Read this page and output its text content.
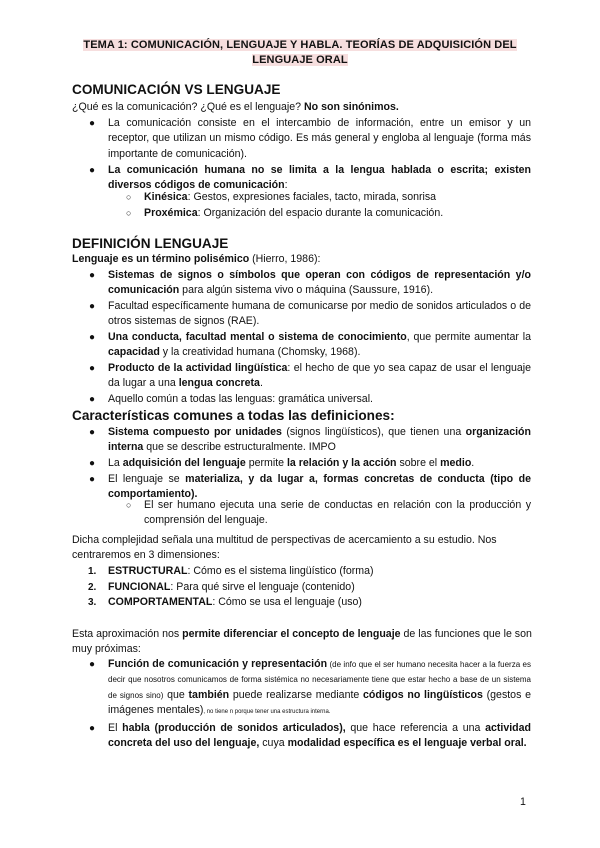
TEMA 1: COMUNICACIÓN, LENGUAJE Y HABLA. TEORÍAS DE ADQUISICIÓN DEL LENGUAJE ORAL
COMUNICACIÓN VS LENGUAJE
¿Qué es la comunicación? ¿Qué es el lenguaje? No son sinónimos.
● La comunicación consiste en el intercambio de información, entre un emisor y un receptor, que utilizan un mismo código. Es más general y engloba al lenguaje (forma más importante de comunicación).
● La comunicación humana no se limita a la lengua hablada o escrita; existen diversos códigos de comunicación:
○ Kinésica: Gestos, expresiones faciales, tacto, mirada, sonrisa
○ Proxémica: Organización del espacio durante la comunicación.
DEFINICIÓN LENGUAJE
Lenguaje es un término polisémico (Hierro, 1986):
● Sistemas de signos o símbolos que operan con códigos de representación y/o comunicación para algún sistema vivo o máquina (Saussure, 1916).
● Facultad específicamente humana de comunicarse por medio de sonidos articulados o de otros sistemas de signos (RAE).
● Una conducta, facultad mental o sistema de conocimiento, que permite aumentar la capacidad y la creatividad humana (Chomsky, 1968).
● Producto de la actividad lingüística: el hecho de que yo sea capaz de usar el lenguaje da lugar a una lengua concreta.
● Aquello común a todas las lenguas: gramática universal.
Características comunes a todas las definiciones:
● Sistema compuesto por unidades (signos lingüísticos), que tienen una organización interna que se describe estructuralmente. IMPO
● La adquisición del lenguaje permite la relación y la acción sobre el medio.
● El lenguaje se materializa, y da lugar a, formas concretas de conducta (tipo de comportamiento).
○ El ser humano ejecuta una serie de conductas en relación con la producción y comprensión del lenguaje.
Dicha complejidad señala una multitud de perspectivas de acercamiento a su estudio. Nos centraremos en 3 dimensiones:
1. ESTRUCTURAL: Cómo es el sistema lingüístico (forma)
2. FUNCIONAL: Para qué sirve el lenguaje (contenido)
3. COMPORTAMENTAL: Cómo se usa el lenguaje (uso)
Esta aproximación nos permite diferenciar el concepto de lenguaje de las funciones que le son muy próximas:
● Función de comunicación y representación (de info que el ser humano necesita hacer a la fuerza es decir que nosotros comunicamos de forma sistémica no necesariamente tiene que estar hecho a base de un sistema de signos sino) que también puede realizarse mediante códigos no lingüísticos (gestos e imágenes mentales), no tiene n porque tener una estructura interna.
● El habla (producción de sonidos articulados), que hace referencia a una actividad concreta del uso del lenguaje, cuya modalidad específica es el lenguaje verbal oral.
1
